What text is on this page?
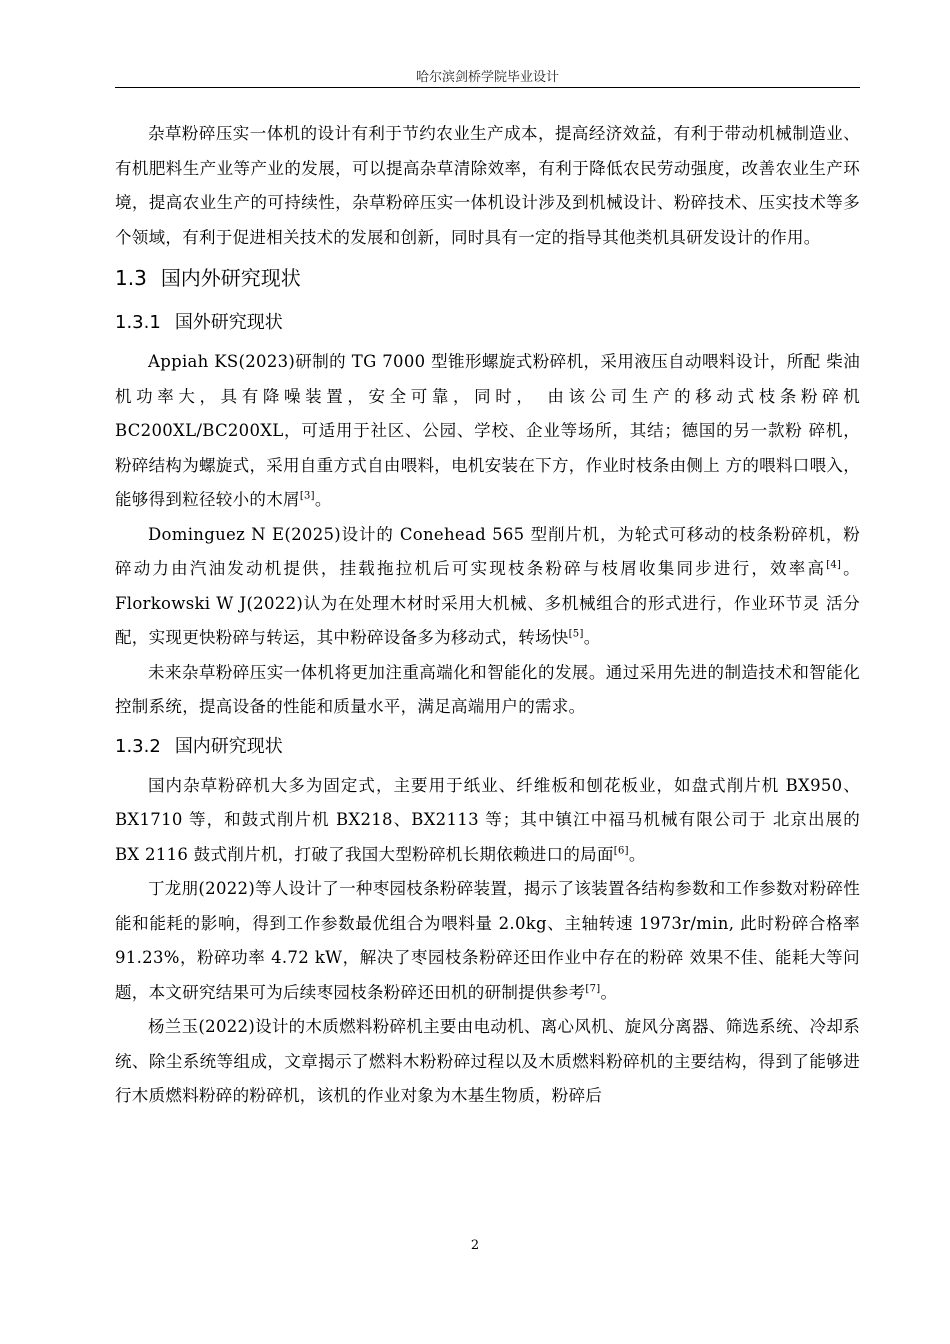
哈尔滨剑桥学院毕业设计

杂草粉碎压实一体机的设计有利于节约农业生产成本，提高经济效益，有利于带动机械制造业、有机肥料生产业等产业的发展，可以提高杂草清除效率，有利于降低农民劳动强度，改善农业生产环境，提高农业生产的可持续性，杂草粉碎压实一体机设计涉及到机械设计、粉碎技术、压实技术等多个领域，有利于促进相关技术的发展和创新，同时具有一定的指导其他类机具研发设计的作用。

1.3 国内外研究现状
1.3.1 国外研究现状

Appiah KS(2023)研制的 TG 7000 型锥形螺旋式粉碎机，采用液压自动喂料设计，所配 柴油机功率大，具有降噪装置，安全可靠，同时， 由该公司生产的移动式枝条粉碎机 BC200XL/BC200XL，可适用于社区、公园、学校、企业等场所，其结；德国的另一款粉 碎机，粉碎结构为螺旋式，采用自重方式自由喂料，电机安装在下方，作业时枝条由侧上 方的喂料口喂入，能够得到粒径较小的木屑[3]。

Dominguez N E(2025)设计的 Conehead 565 型削片机，为轮式可移动的枝条粉碎机，粉碎动力由汽油发动机提供，挂载拖拉机后可实现枝条粉碎与枝屑收集同步进行，效率高[4]。 Florkowski W J(2022)认为在处理木材时采用大机械、多机械组合的形式进行，作业环节灵 活分配，实现更快粉碎与转运，其中粉碎设备多为移动式，转场快[5]。

未来杂草粉碎压实一体机将更加注重高端化和智能化的发展。通过采用先进的制造技术和智能化控制系统，提高设备的性能和质量水平，满足高端用户的需求。

1.3.2 国内研究现状

国内杂草粉碎机大多为固定式，主要用于纸业、纤维板和刨花板业，如盘式削片机 BX950、BX1710 等，和鼓式削片机 BX218、BX2113 等；其中镇江中福马机械有限公司于 北京出展的 BX 2116 鼓式削片机，打破了我国大型粉碎机长期依赖进口的局面[6]。

丁龙朋(2022)等人设计了一种枣园枝条粉碎装置，揭示了该装置各结构参数和工作参数对粉碎性能和能耗的影响，得到工作参数最优组合为喂料量 2.0kg、主轴转速 1973r/min, 此时粉碎合格率 91.23%，粉碎功率 4.72 kW，解决了枣园枝条粉碎还田作业中存在的粉碎 效果不佳、能耗大等问题，本文研究结果可为后续枣园枝条粉碎还田机的研制提供参考[7]。

杨兰玉(2022)设计的木质燃料粉碎机主要由电动机、离心风机、旋风分离器、筛选系统、冷却系统、除尘系统等组成，文章揭示了燃料木粉粉碎过程以及木质燃料粉碎机的主要结构，得到了能够进行木质燃料粉碎的粉碎机，该机的作业对象为木基生物质，粉碎后

2
